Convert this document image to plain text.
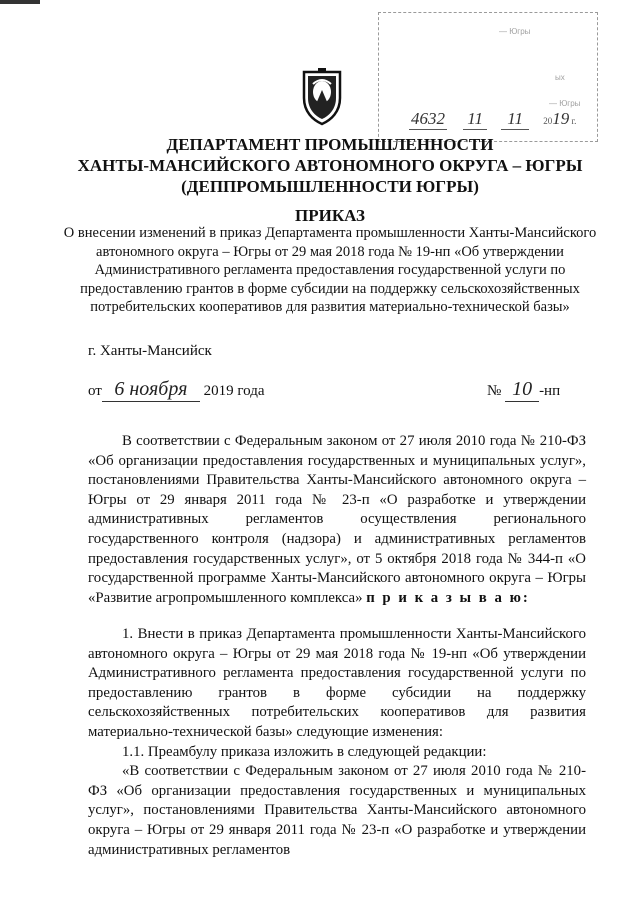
— Югры
ых
— Югры
4632 11 11 2019 г.
ДЕПАРТАМЕНТ ПРОМЫШЛЕННОСТИ
ХАНТЫ-МАНСИЙСКОГО АВТОНОМНОГО ОКРУГА – ЮГРЫ
(ДЕППРОМЫШЛЕННОСТИ ЮГРЫ)
ПРИКАЗ
О внесении изменений в приказ Департамента промышленности Ханты-Мансийского автономного округа – Югры от 29 мая 2018 года № 19-нп «Об утверждении Административного регламента предоставления государственной услуги по предоставлению грантов в форме субсидии на поддержку сельскохозяйственных потребительских кооперативов для развития материально-технической базы»
г. Ханты-Мансийск
от 6 ноября 2019 года	№ 10 -нп

В соответствии с Федеральным законом от 27 июля 2010 года № 210-ФЗ «Об организации предоставления государственных и муниципальных услуг», постановлениями Правительства Ханты-Мансийского автономного округа – Югры от 29 января 2011 года № 23-п «О разработке и утверждении административных регламентов осуществления регионального государственного контроля (надзора) и административных регламентов предоставления государственных услуг», от 5 октября 2018 года № 344-п «О государственной программе Ханты-Мансийского автономного округа – Югры «Развитие агропромышленного комплекса» п р и к а з ы в а ю:

1. Внести в приказ Департамента промышленности Ханты-Мансийского автономного округа – Югры от 29 мая 2018 года № 19-нп «Об утверждении Административного регламента предоставления государственной услуги по предоставлению грантов в форме субсидии на поддержку сельскохозяйственных потребительских кооперативов для развития материально-технической базы» следующие изменения:

1.1. Преамбулу приказа изложить в следующей редакции:

«В соответствии с Федеральным законом от 27 июля 2010 года № 210-ФЗ «Об организации предоставления государственных и муниципальных услуг», постановлениями Правительства Ханты-Мансийского автономного округа – Югры от 29 января 2011 года № 23-п «О разработке и утверждении административных регламентов
